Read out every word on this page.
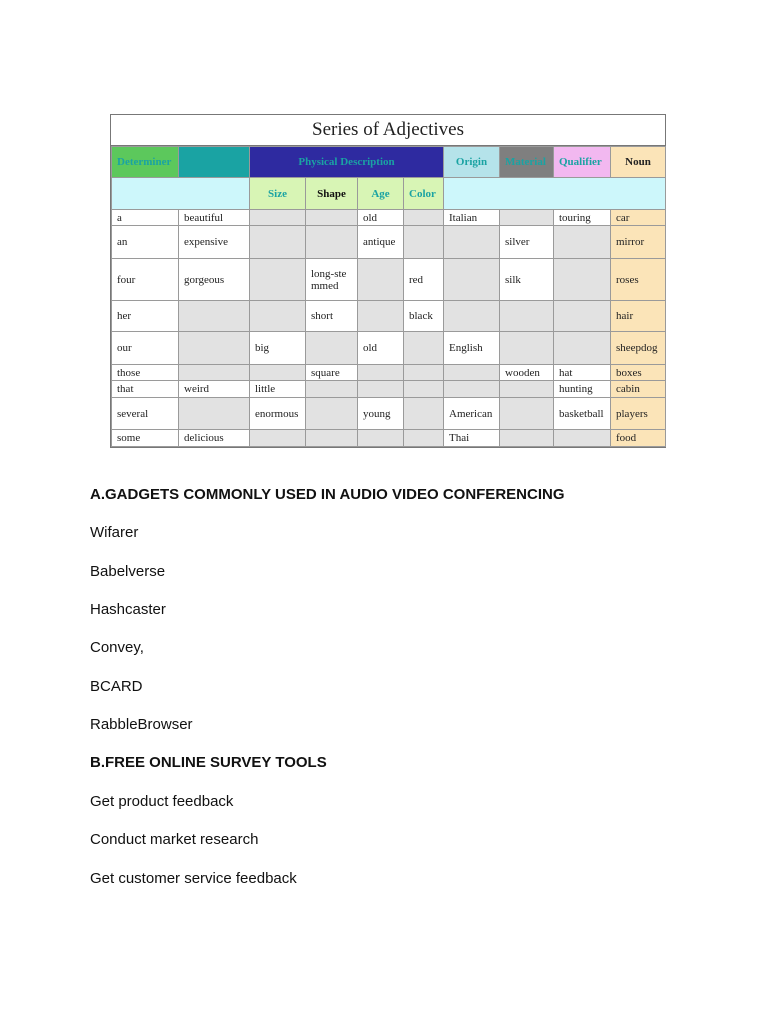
Series of Adjectives
Determiner		Physical Description				Origin	Material	Qualifier	Noun
		Size	Shape	Age	Color				
a	beautiful			old		Italian		touring	car
an	expensive			antique			silver		mirror
four	gorgeous		long-stemmed		red		silk		roses
her			short		black				hair
our		big		old		English			sheepdog
those			square				wooden	hat	boxes
that	weird	little						hunting	cabin
several		enormous		young		American		basketball	players
some	delicious					Thai			food
A.GADGETS COMMONLY USED IN AUDIO VIDEO CONFERENCING
Wifarer
Babelverse
Hashcaster
Convey,
BCARD
RabbleBrowser
B.FREE ONLINE SURVEY TOOLS
Get product feedback
Conduct market research
Get customer service feedback
